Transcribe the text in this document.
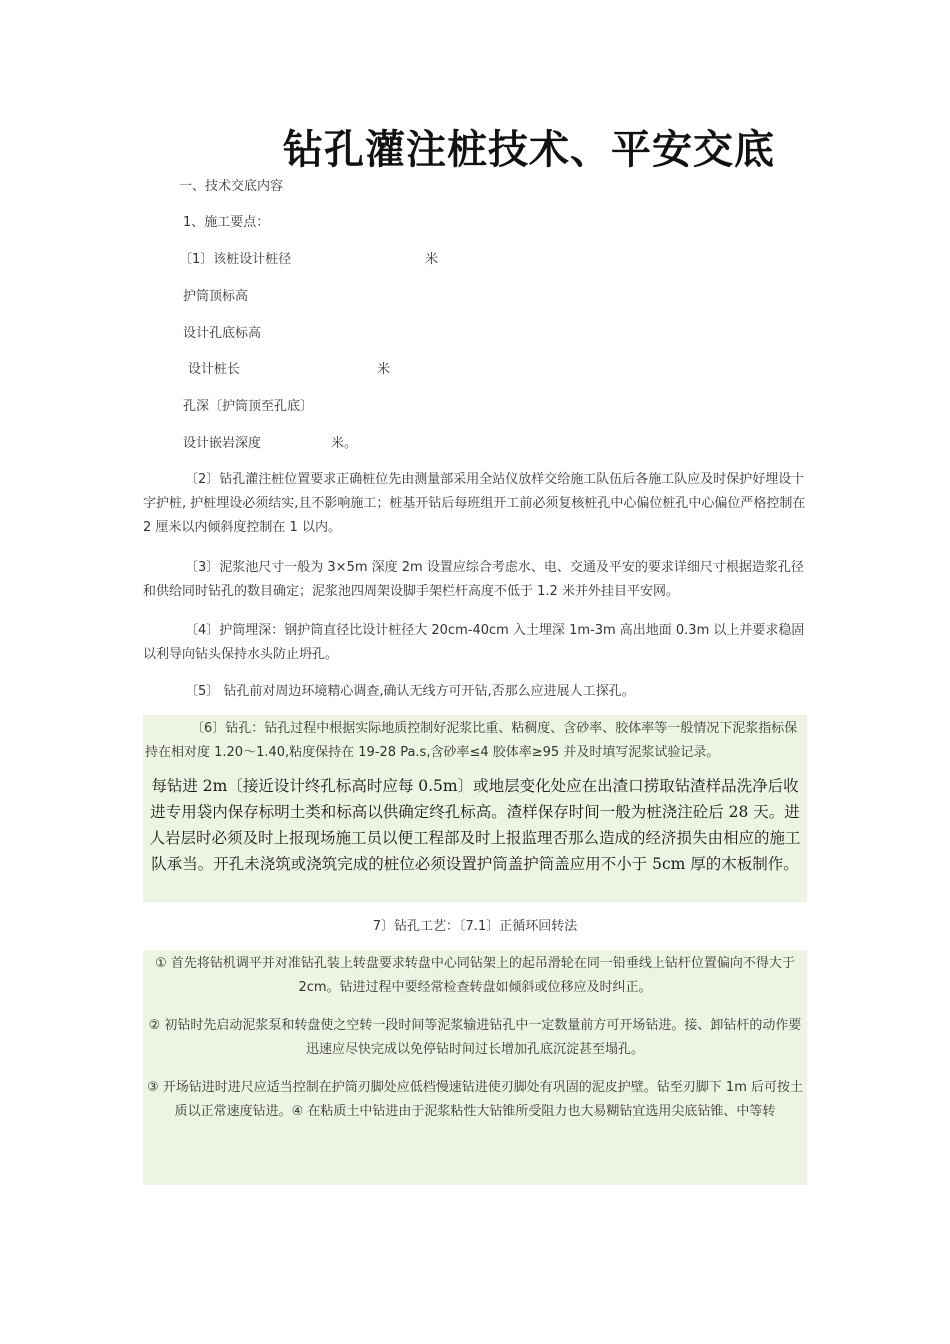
钻孔灌注桩技术、平安交底
一、技术交底内容
1、施工要点：
〔1〕该桩设计桩径	米
护筒顶标高
设计孔底标高
设计桩长	米
孔深〔护筒顶至孔底〕
设计嵌岩深度	米。
〔2〕钻孔灌注桩位置要求正确桩位先由测量部采用全站仪放样交给施工队伍后各施工队应及时保护好埋设十字护桩, 护桩埋设必须结实,且不影响施工；桩基开钻后每班组开工前必须复核桩孔中心偏位桩孔中心偏位严格控制在 2 厘米以内倾斜度控制在 1 以内。
〔3〕泥浆池尺寸一般为 3×5m 深度 2m 设置应综合考虑水、电、交通及平安的要求详细尺寸根据造浆孔径和供给同时钻孔的数目确定；泥浆池四周架设脚手架栏杆高度不低于 1.2 米并外挂目平安网。
〔4〕护筒埋深：钢护筒直径比设计桩径大 20cm-40cm 入土埋深 1m-3m 高出地面 0.3m 以上并要求稳固以利导向钻头保持水头防止坍孔。
〔5〕 钻孔前对周边环境精心调查,确认无线方可开钻,否那么应进展人工探孔。
〔6〕钻孔：钻孔过程中根据实际地质控制好泥浆比重、粘稠度、含砂率、胶体率等一般情况下泥浆指标保持在相对度 1.20～1.40,粘度保持在 19-28 Pa.s,含砂率≤4 胶体率≥95 并及时填写泥浆试验记录。
每钻进 2m〔接近设计终孔标高时应每 0.5m〕或地层变化处应在出渣口捞取钻渣样品洗净后收进专用袋内保存标明土类和标高以供确定终孔标高。渣样保存时间一般为桩浇注砼后 28 天。进人岩层时必须及时上报现场施工员以便工程部及时上报监理否那么造成的经济损失由相应的施工队承当。开孔未浇筑或浇筑完成的桩位必须设置护筒盖护筒盖应用不小于 5cm 厚的木板制作。
7〕钻孔工艺：〔7.1〕正循环回转法
① 首先将钻机调平并对准钻孔装上转盘要求转盘中心同钻架上的起吊滑轮在同一铅垂线上钻杆位置偏向不得大于 2cm。钻进过程中要经常检查转盘如倾斜或位移应及时纠正。
② 初钻时先启动泥浆泵和转盘使之空转一段时间等泥浆输进钻孔中一定数量前方可开场钻进。接、卸钻杆的动作要迅速应尽快完成以免停钻时间过长增加孔底沉淀甚至塌孔。
③ 开场钻进时进尺应适当控制在护筒刃脚处应低档慢速钻进使刃脚处有巩固的泥皮护壁。钻至刃脚下 1m 后可按土质以正常速度钻进。④ 在粘质土中钻进由于泥浆粘性大钻锥所受阻力也大易糊钻宜选用尖底钻锥、中等转
